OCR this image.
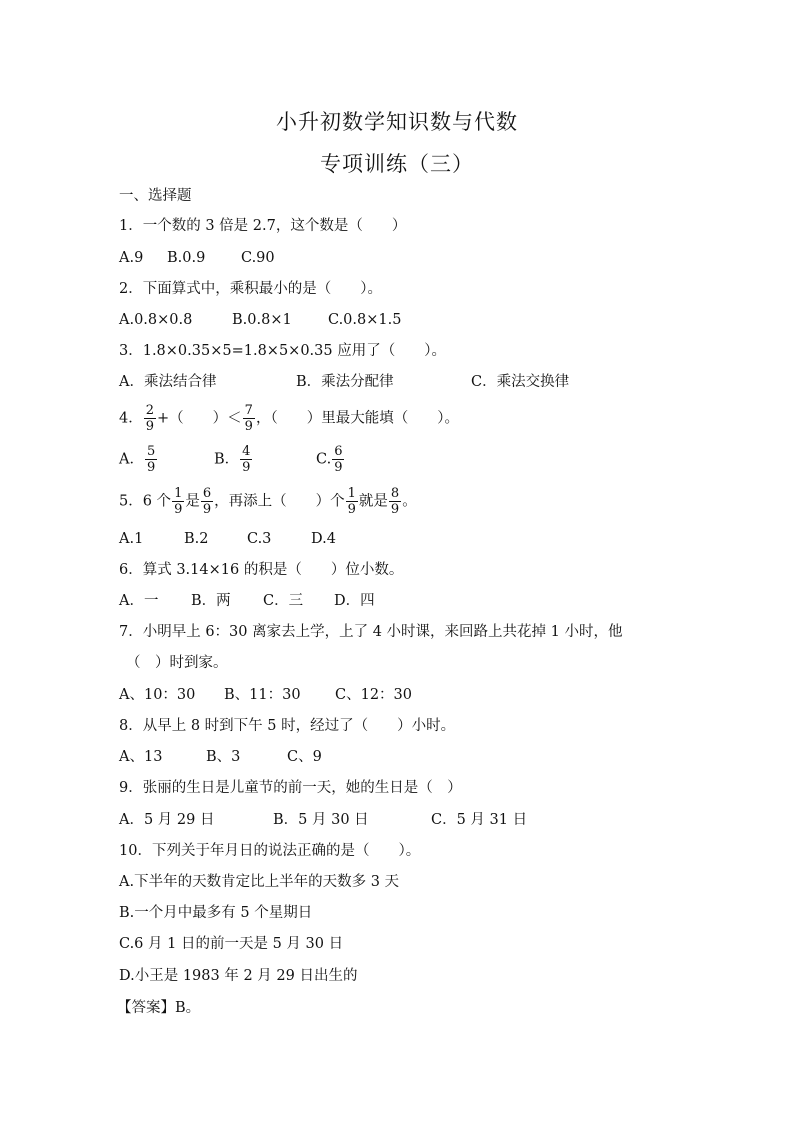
小升初数学知识数与代数
专项训练（三）
一、选择题
1．一个数的 3 倍是 2.7，这个数是（　　）
A.9 B.0.9 C.90
2．下面算式中，乘积最小的是（　　）。
A.0.8×0.8	B.0.8×1	C.0.8×1.5
3．1.8×0.35×5=1.8×5×0.35 应用了（　　）。
A．乘法结合律	B．乘法分配律	C．乘法交换律
4． $\frac{2}{9}$ +（　　）＜ $\frac{7}{9}$ ，（　　）里最大能填（　　）。
A． $\frac{5}{9}$	B． $\frac{4}{9}$	C. $\frac{6}{9}$
5．6 个 $\frac{1}{9}$ 是 $\frac{6}{9}$ ，再添上（　　）个 $\frac{1}{9}$ 就是 $\frac{8}{9}$ 。
A.1	B.2	C.3	D.4
6．算式 3.14×16 的积是（　　）位小数。
A．一 B．两 C．三 D．四
7．小明早上 6：30 离家去上学，上了 4 小时课，来回路上共花掉 1 小时，他
（　）时到家。
A、10：30 B、11：30 C、12：30
8．从早上 8 时到下午 5 时，经过了（　　）小时。
A、13	B、3	C、9
9．张丽的生日是儿童节的前一天，她的生日是（　）
A．5 月 29 日	B．5 月 30 日	C．5 月 31 日
10．下列关于年月日的说法正确的是（　　）。
A.下半年的天数肯定比上半年的天数多 3 天
B.一个月中最多有 5 个星期日
C.6 月 1 日的前一天是 5 月 30 日
D.小王是 1983 年 2 月 29 日出生的
【答案】B。
